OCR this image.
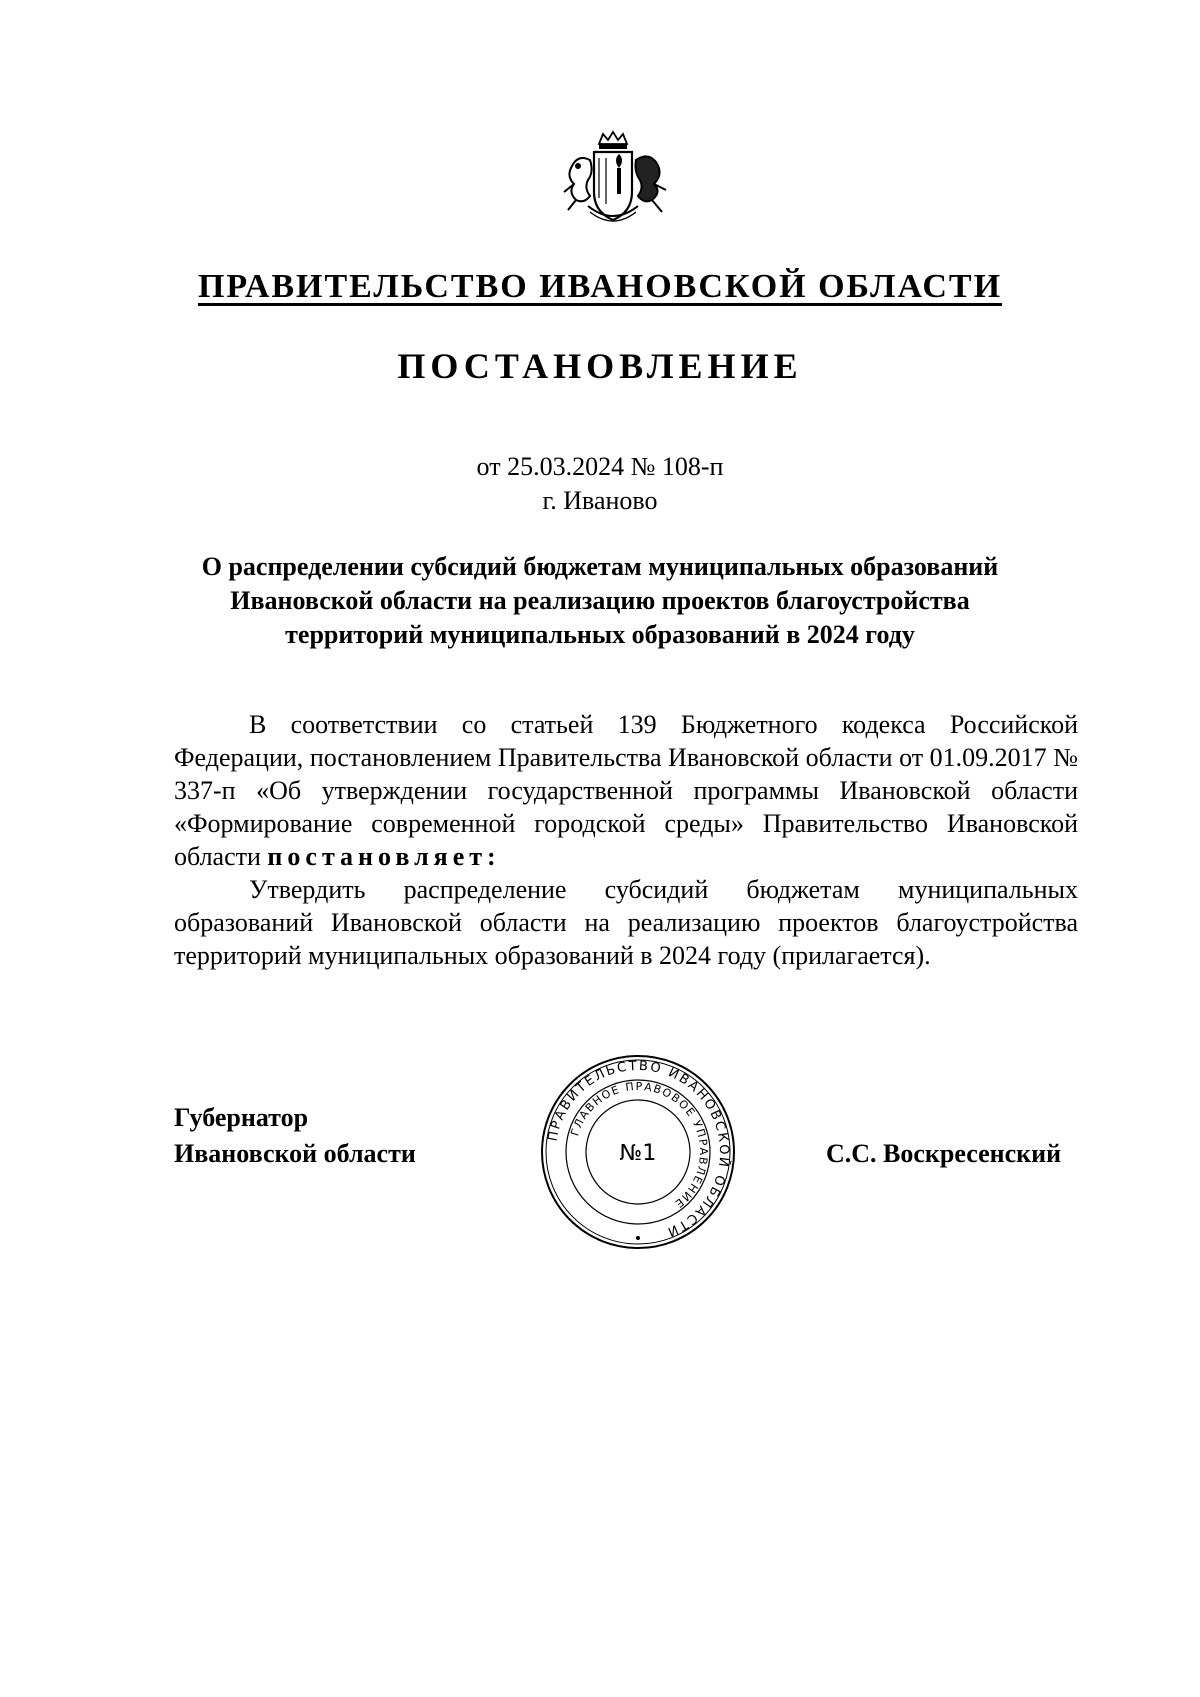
ПРАВИТЕЛЬСТВО ИВАНОВСКОЙ ОБЛАСТИ
ПОСТАНОВЛЕНИЕ
от 25.03.2024 № 108-п
г. Иваново
О распределении субсидий бюджетам муниципальных образований
Ивановской области на реализацию проектов благоустройства
территорий муниципальных образований в 2024 году

В соответствии со статьей 139 Бюджетного кодекса Российской Федерации, постановлением Правительства Ивановской области от 01.09.2017 № 337-п «Об утверждении государственной программы Ивановской области «Формирование современной городской среды» Правительство Ивановской области постановляет:

Утвердить распределение субсидий бюджетам муниципальных образований Ивановской области на реализацию проектов благоустройства территорий муниципальных образований в 2024 году (прилагается).

Губернатор
Ивановской области
ПРАВИТЕЛЬСТВО ИВАНОВСКОЙ ОБЛАСТИ
ГЛАВНОЕ ПРАВОВОЕ УПРАВЛЕНИЕ
№1	С.С. Воскресенский
